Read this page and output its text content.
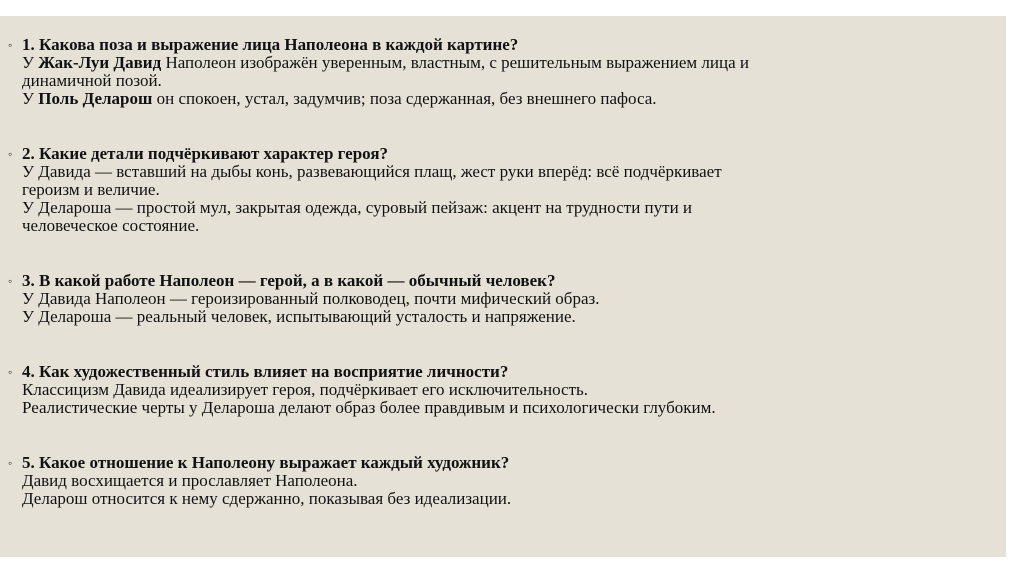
◦ 1. Какова поза и выражение лица Наполеона в каждой картине?
У Жак-Луи Давид Наполеон изображён уверенным, властным, с решительным выражением лица и
динамичной позой.
У Поль Деларош он спокоен, устал, задумчив; поза сдержанная, без внешнего пафоса.
◦ 2. Какие детали подчёркивают характер героя?
У Давида — вставший на дыбы конь, развевающийся плащ, жест руки вперёд: всё подчёркивает
героизм и величие.
У Делароша — простой мул, закрытая одежда, суровый пейзаж: акцент на трудности пути и
человеческое состояние.
◦ 3. В какой работе Наполеон — герой, а в какой — обычный человек?
У Давида Наполеон — героизированный полководец, почти мифический образ.
У Делароша — реальный человек, испытывающий усталость и напряжение.
◦ 4. Как художественный стиль влияет на восприятие личности?
Классицизм Давида идеализирует героя, подчёркивает его исключительность.
Реалистические черты у Делароша делают образ более правдивым и психологически глубоким.
◦ 5. Какое отношение к Наполеону выражает каждый художник?
Давид восхищается и прославляет Наполеона.
Деларош относится к нему сдержанно, показывая без идеализации.
